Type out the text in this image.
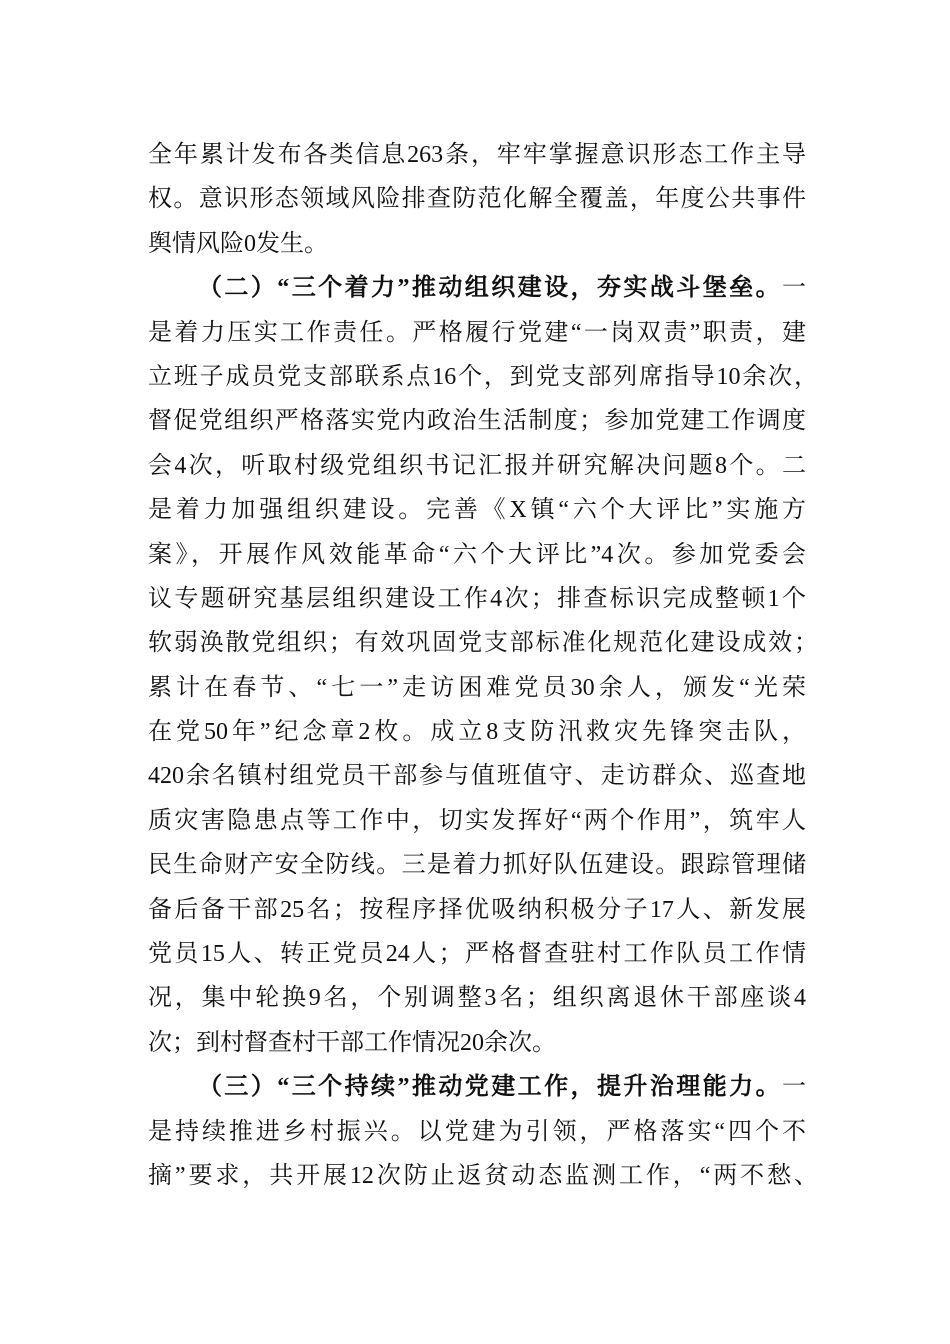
全年累计发布各类信息263条，牢牢掌握意识形态工作主导
权。意识形态领域风险排查防范化解全覆盖，年度公共事件
舆情风险0发生。
（二）“三个着力”推动组织建设，夯实战斗堡垒。一
是着力压实工作责任。严格履行党建“一岗双责”职责，建
立班子成员党支部联系点16个，到党支部列席指导10余次，
督促党组织严格落实党内政治生活制度；参加党建工作调度
会4次，听取村级党组织书记汇报并研究解决问题8个。二
是着力加强组织建设。完善《X镇“六个大评比”实施方
案》，开展作风效能革命“六个大评比”4次。参加党委会
议专题研究基层组织建设工作4次；排查标识完成整顿1个
软弱涣散党组织；有效巩固党支部标准化规范化建设成效；
累计在春节、“七一”走访困难党员30余人，颁发“光荣
在党50年”纪念章2枚。成立8支防汛救灾先锋突击队，
420余名镇村组党员干部参与值班值守、走访群众、巡查地
质灾害隐患点等工作中，切实发挥好“两个作用”，筑牢人
民生命财产安全防线。三是着力抓好队伍建设。跟踪管理储
备后备干部25名；按程序择优吸纳积极分子17人、新发展
党员15人、转正党员24人；严格督查驻村工作队员工作情
况，集中轮换9名，个别调整3名；组织离退休干部座谈4
次；到村督查村干部工作情况20余次。
（三）“三个持续”推动党建工作，提升治理能力。一
是持续推进乡村振兴。以党建为引领，严格落实“四个不
摘”要求，共开展12次防止返贫动态监测工作，“两不愁、
